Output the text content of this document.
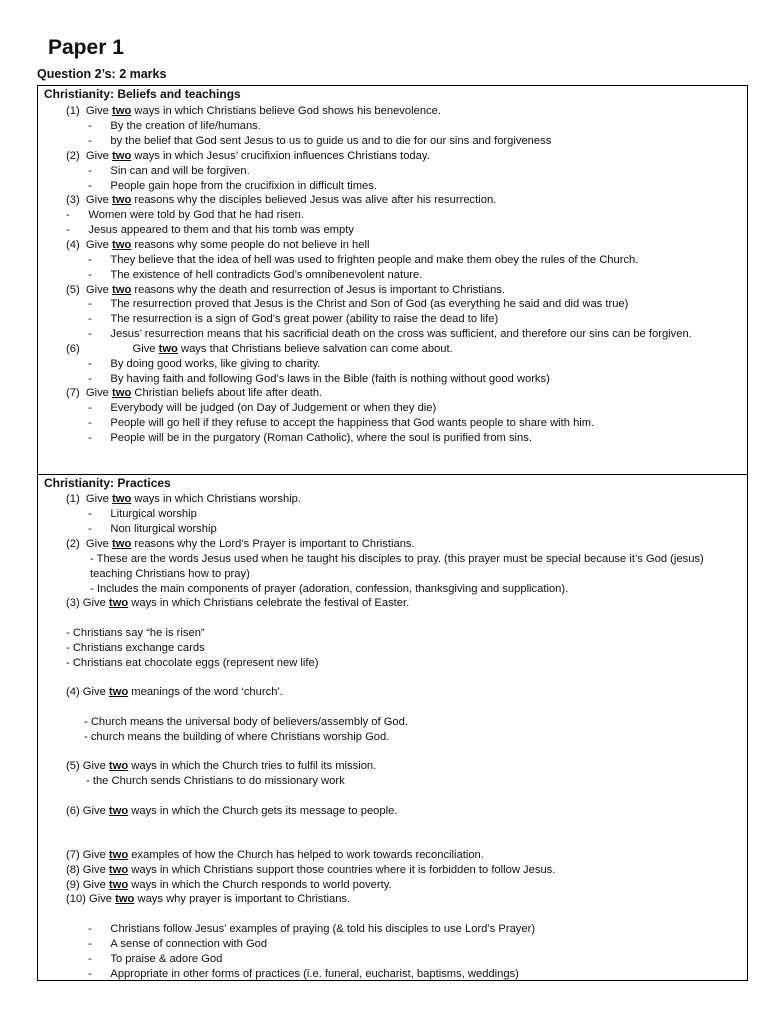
Paper 1
Question 2’s: 2 marks
Christianity: Beliefs and teachings
(1)  Give two ways in which Christians believe God shows his benevolence.
-      By the creation of life/humans.
-      by the belief that God sent Jesus to us to guide us and to die for our sins and forgiveness
(2)  Give two ways in which Jesus’ crucifixion influences Christians today.
-      Sin can and will be forgiven.
-      People gain hope from the crucifixion in difficult times.
(3)  Give two reasons why the disciples believed Jesus was alive after his resurrection.
-      Women were told by God that he had risen.
-      Jesus appeared to them and that his tomb was empty
(4)  Give two reasons why some people do not believe in hell
-      They believe that the idea of hell was used to frighten people and make them obey the rules of the Church.
-      The existence of hell contradicts God’s omnibenevolent nature.
(5)  Give two reasons why the death and resurrection of Jesus is important to Christians.
-      The resurrection proved that Jesus is the Christ and Son of God (as everything he said and did was true)
-      The resurrection is a sign of God’s great power (ability to raise the dead to life)
-      Jesus’ resurrection means that his sacrificial death on the cross was sufficient, and therefore our sins can be forgiven.
(6)                 Give two ways that Christians believe salvation can come about.
-      By doing good works, like giving to charity.
-      By having faith and following God’s laws in the Bible (faith is nothing without good works)
(7)  Give two Christian beliefs about life after death.
-      Everybody will be judged (on Day of Judgement or when they die)
-      People will go hell if they refuse to accept the happiness that God wants people to share with him.
-      People will be in the purgatory (Roman Catholic), where the soul is purified from sins.
Christianity: Practices
(1)  Give two ways in which Christians worship.
-      Liturgical worship
-      Non liturgical worship
(2)  Give two reasons why the Lord’s Prayer is important to Christians.
- These are the words Jesus used when he taught his disciples to pray. (this prayer must be special because it’s God (jesus)
teaching Christians how to pray)
- Includes the main components of prayer (adoration, confession, thanksgiving and supplication).
(3) Give two ways in which Christians celebrate the festival of Easter.
- Christians say “he is risen”
- Christians exchange cards
- Christians eat chocolate eggs (represent new life)
(4) Give two meanings of the word ‘church’.
- Church means the universal body of believers/assembly of God.
- church means the building of where Christians worship God.
(5) Give two ways in which the Church tries to fulfil its mission.
- the Church sends Christians to do missionary work
(6) Give two ways in which the Church gets its message to people.
(7) Give two examples of how the Church has helped to work towards reconciliation.
(8) Give two ways in which Christians support those countries where it is forbidden to follow Jesus.
(9) Give two ways in which the Church responds to world poverty.
(10) Give two ways why prayer is important to Christians.
-      Christians follow Jesus’ examples of praying (& told his disciples to use Lord’s Prayer)
-      A sense of connection with God
-      To praise & adore God
-      Appropriate in other forms of practices (i.e. funeral, eucharist, baptisms, weddings)
